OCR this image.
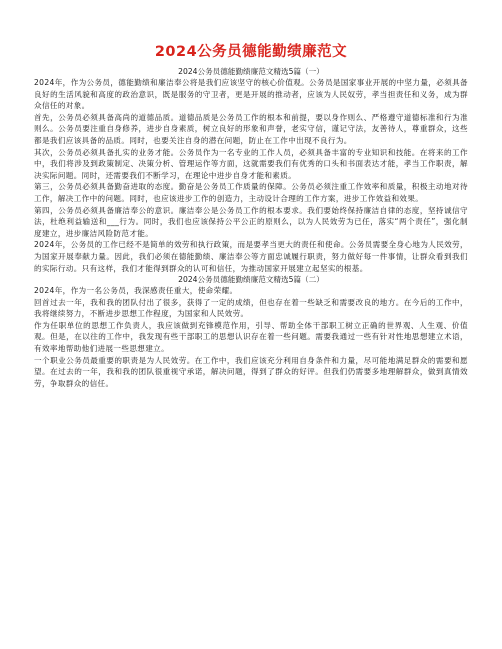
2024公务员德能勤绩廉范文
2024公务员德能勤绩廉范文精选5篇（一）

2024年，作为公务员，德能勤绩和廉洁奉公将是我们应该坚守的核心价值观。公务员是国家事业开展的中坚力量，必须具备良好的生活风貌和高度的政治意识，既是服务的守卫者，更是开展的推动者，应该为人民奴劳，孝当担责任和义务，成为群众信任的对象。

首先，公务员必须具备高尚的道德品质。道德品质是公务员工作的根本和前提，要以身作则么、严格遵守道德标准和行为准则么。公务员要注重自身修养，进步自身素质，树立良好的形象和声誉，老实守信，谨记守法，友善待人，尊重群众，这些都是我们应该具备的品质。同时，也要关注自身的潜在问题，防止在工作中出现不良行为。

其次，公务员必须具备扎实的业务才能。公务员作为一名专业的工作人员，必须具备丰富的专业知识和技能。在将来的工作中，我们将涉及到政策制定、决策分析、管理运作等方面，这就需要我们有优秀的口头和书面表达才能，孝当工作职责，解决实际问题。同时，还需要我们不断学习，在理论中进步自身才能和素质。

第三，公务员必须具备勤奋进取的态度。勤奋是公务员工作质量的保障。公务员必须注重工作效率和质量，积极主动地对待工作，解决工作中的问题。同时，也应该进步工作的创造力，主动设计合理的工作方案，进步工作效益和效果。

第四，公务员必须具备廉洁奉公的意识。廉洁奉公是公务员工作的根本要求。我们要始终保持廉洁自律的态度，坚持诚信守法，杜绝利益输送和___行为。同时，我们也应该保持公平公正的原则么，以为人民效劳为已任，落实“两个责任”，强化制度建立，进步廉洁风险防范才能。

2024年，公务员的工作已经不是简单的效劳和执行政策，而是要孝当更大的责任和使命。公务员需要全身心地为人民效劳，为国家开展奉献力量。因此，我们必须在德能勤绩、廉洁奉公等方面忠诚履行职责，努力做好每一件事情，让群众看到我们的实际行动。只有这样，我们才能得到群众的认可和信任，为推动国家开展建立起坚实的根基。

2024公务员德能勤绩廉范文精选5篇（二）

2024年，作为一名公务员，我深感责任重大，使命荣耀。

回首过去一年，我和我的团队付出了很多，获得了一定的成绩，但也存在着一些缺乏和需要改良的地方。在今后的工作中，我将继续努力，不断进步思想工作程度，为国家和人民效劳。

作为任职单位的思想工作负责人，我应该做到充锋模范作用，引导、帮助全体干部职工树立正确的世界观、人生观、价值观。但是，在以往的工作中，我发现有些干部职工的思想认识存在着一些问题。需要我通过一些有针对性地思想建立术语，有效率地帮助他们进展一些思想建立。

一个职业公务员最重要的职责是为人民效劳。在工作中，我们应该充分利用自身条件和力量，尽可能地满足群众的需要和愿望。在过去的一年，我和我的团队很重视守承诺，解决问题，得到了群众的好评。但我们仍需要多地理解群众，做到真情效劳，争取群众的信任。
